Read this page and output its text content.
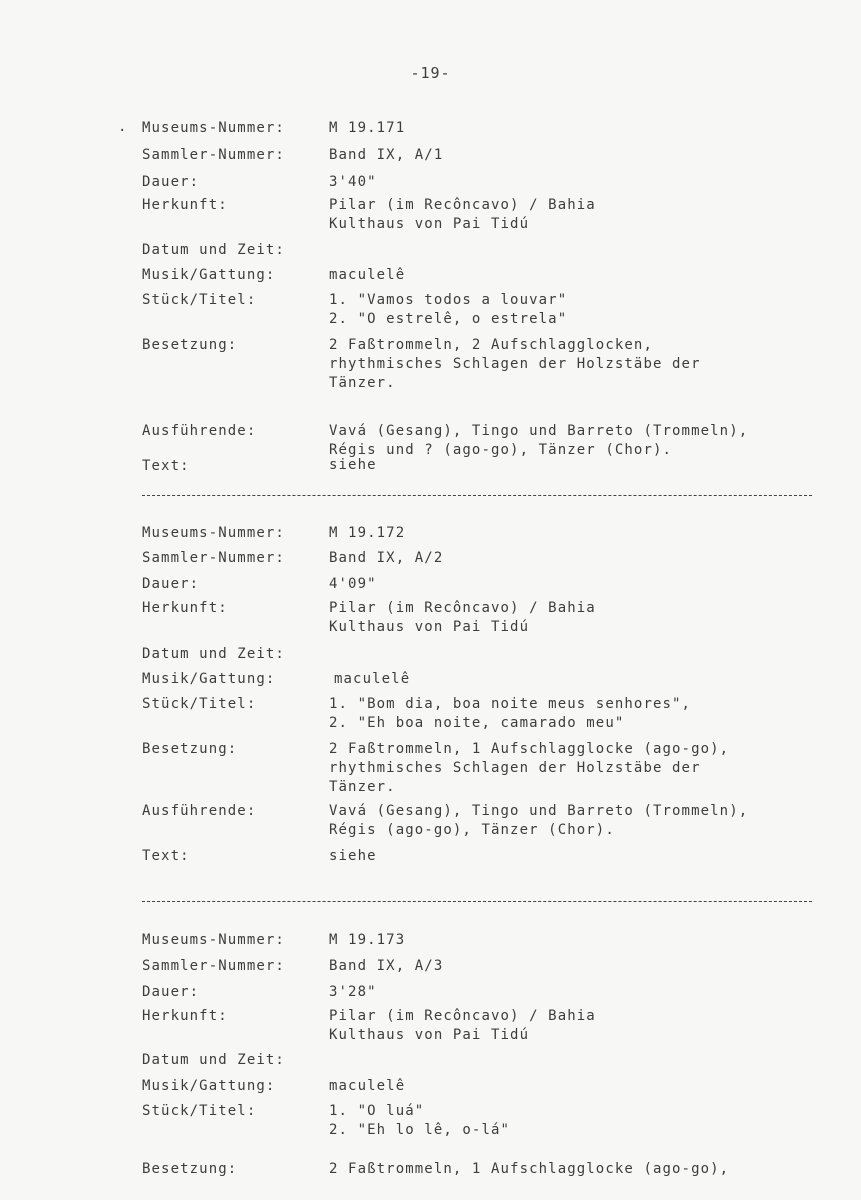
-19-
. Museums-Nummer:	M 19.171
Sammler-Nummer:	Band IX, A/1
Dauer:	3'40"
Herkunft:	Pilar (im Recôncavo) / Bahia
Kulthaus von Pai Tidú
Datum und Zeit:
Musik/Gattung:	maculelê
Stück/Titel:	1. "Vamos todos a louvar"
2. "O estrelê, o estrela"
Besetzung:	2 Faßtrommeln, 2 Aufschlagglocken,
rhythmisches Schlagen der Holzstäbe der
Tänzer.
Ausführende:	Vavá (Gesang), Tingo und Barreto (Trommeln),
Régis und ? (ago-go), Tänzer (Chor).
Text:	siehe
Museums-Nummer:	M 19.172
Sammler-Nummer:	Band IX, A/2
Dauer:	4'09"
Herkunft:	Pilar (im Recôncavo) / Bahia
Kulthaus von Pai Tidú
Datum und Zeit:
Musik/Gattung:	maculelê
Stück/Titel:	1. "Bom dia, boa noite meus senhores",
2. "Eh boa noite, camarado meu"
Besetzung:	2 Faßtrommeln, 1 Aufschlagglocke (ago-go),
rhythmisches Schlagen der Holzstäbe der
Tänzer.
Ausführende:	Vavá (Gesang), Tingo und Barreto (Trommeln),
Régis (ago-go), Tänzer (Chor).
Text:	siehe
Museums-Nummer:	M 19.173
Sammler-Nummer:	Band IX, A/3
Dauer:	3'28"
Herkunft:	Pilar (im Recôncavo) / Bahia
Kulthaus von Pai Tidú
Datum und Zeit:
Musik/Gattung:	maculelê
Stück/Titel:	1. "O luá"
2. "Eh lo lê, o-lá"
Besetzung:	2 Faßtrommeln, 1 Aufschlagglocke (ago-go),
